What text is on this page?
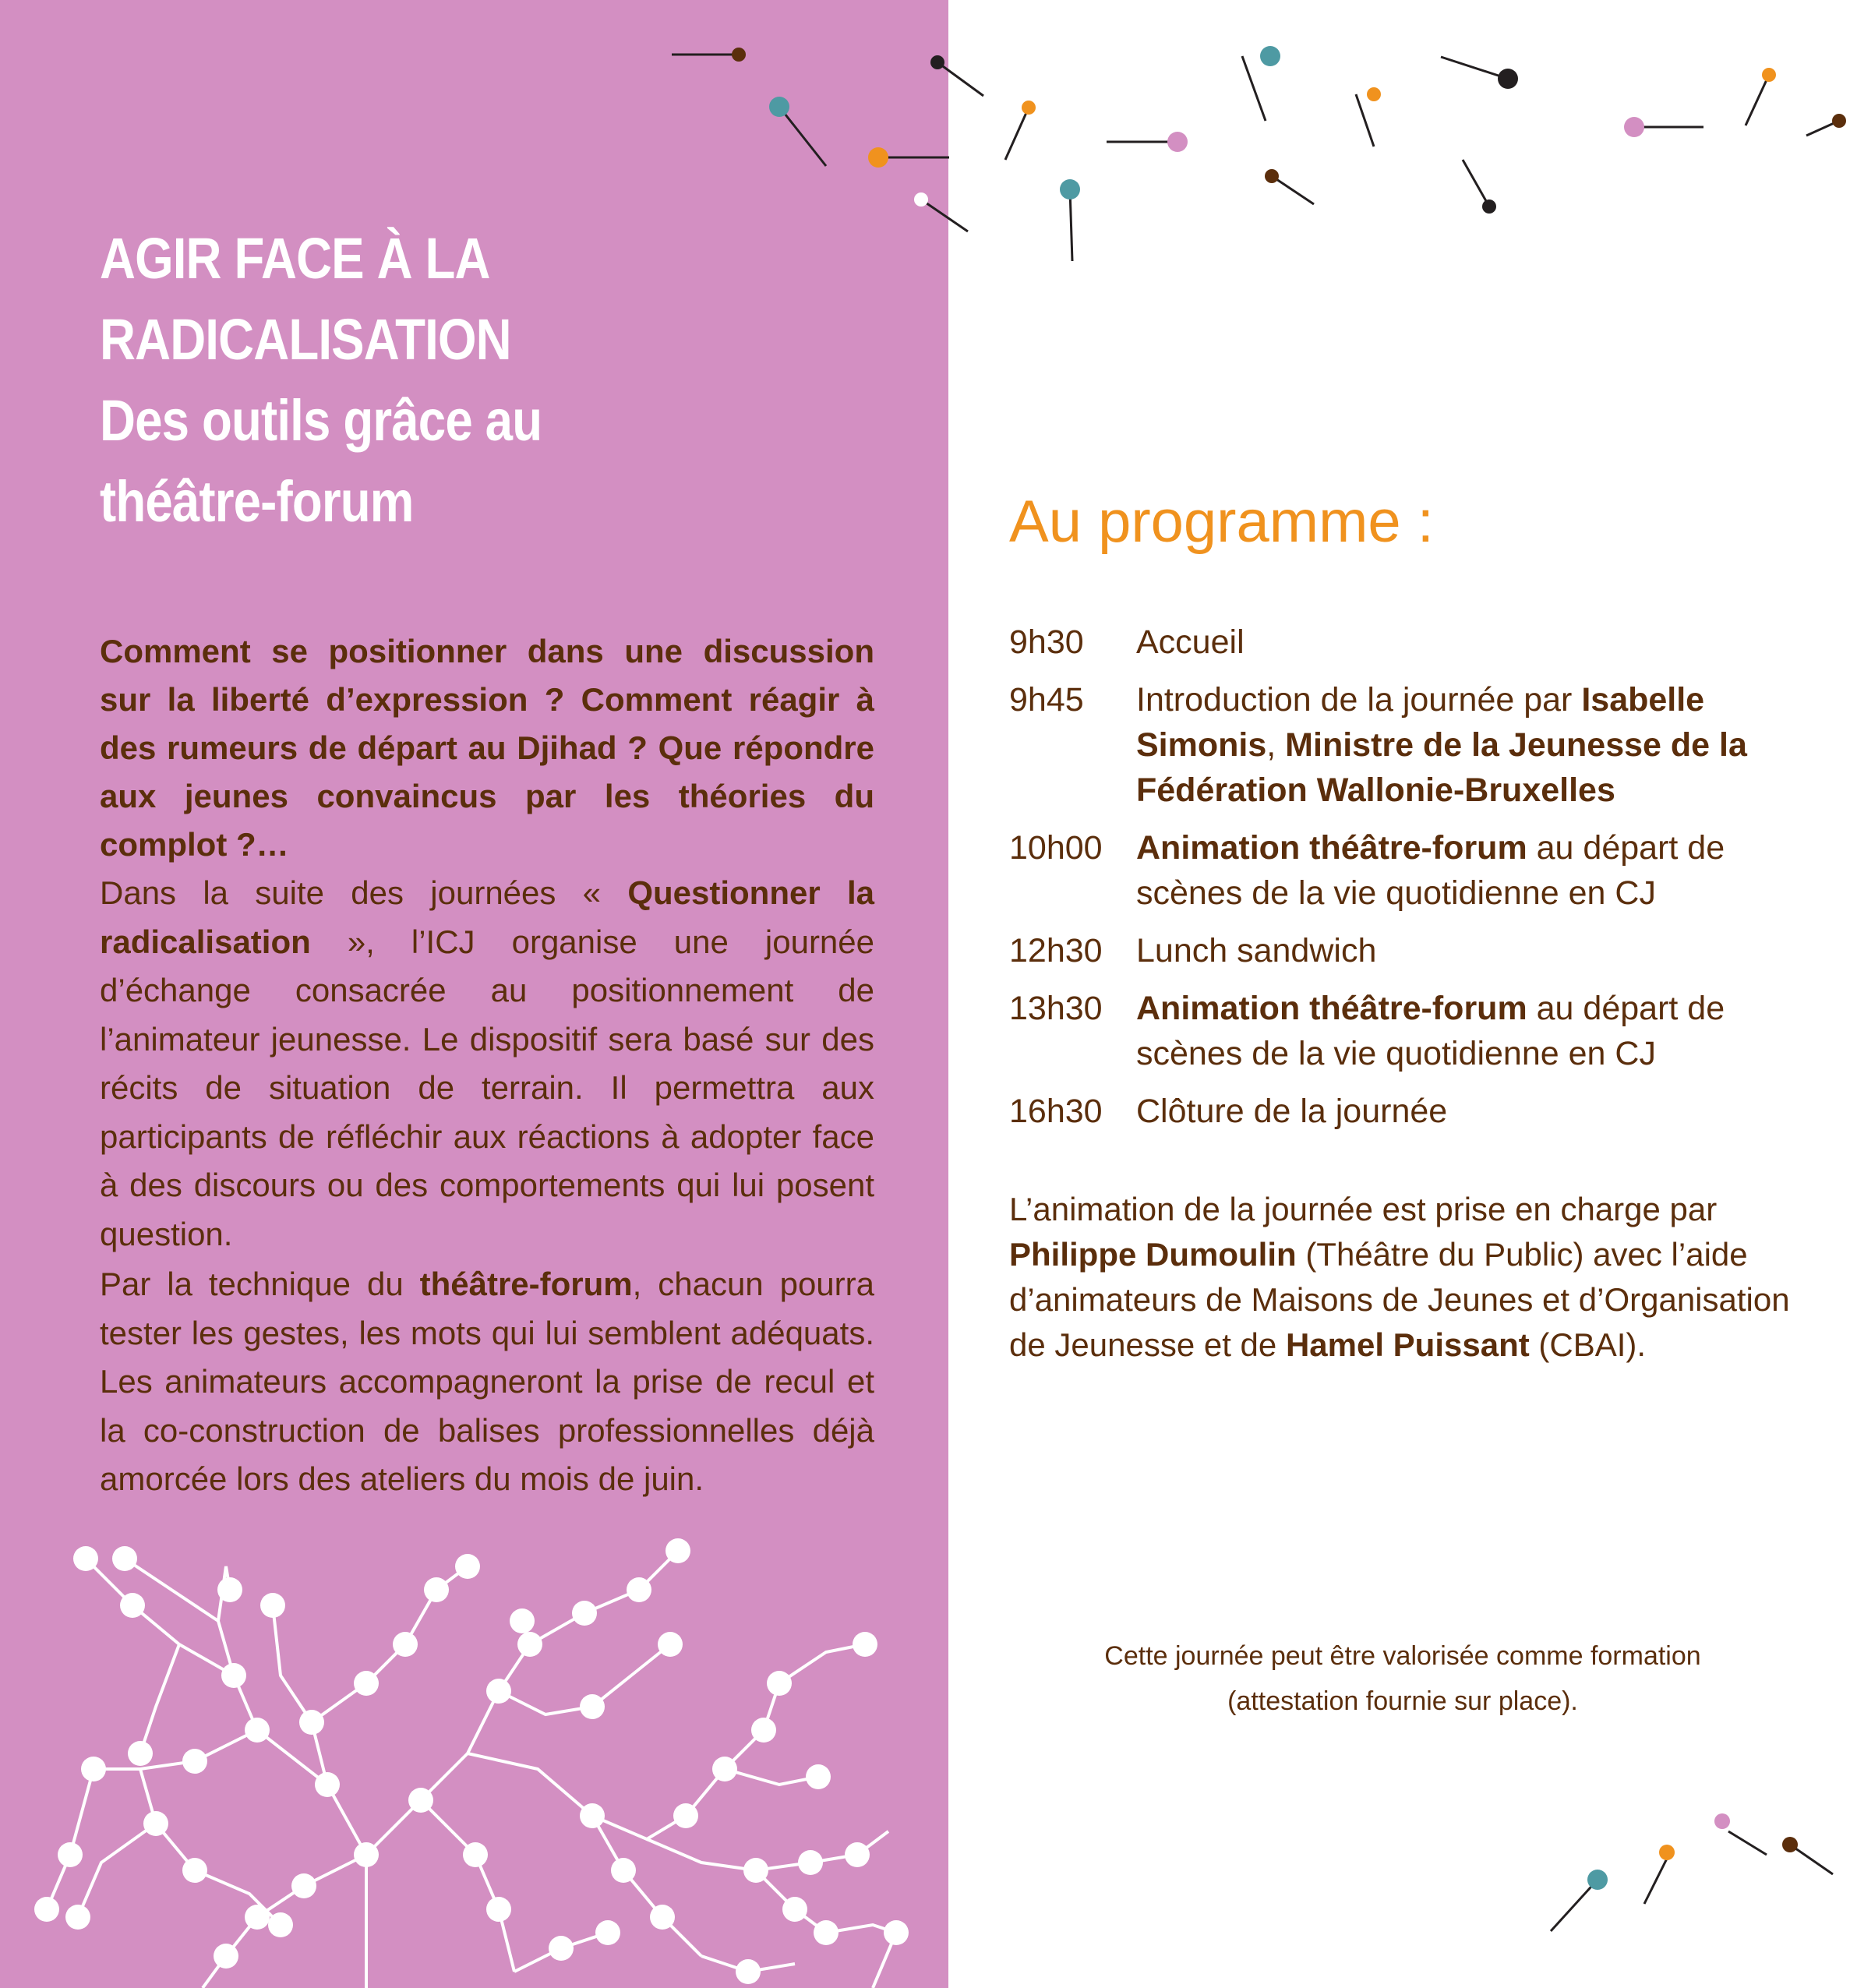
AGIR FACE À LA
RADICALISATION
Des outils grâce au
théâtre-forum
Comment se positionner dans une discussion sur la liberté d’expression ? Comment réagir à des rumeurs de départ au Djihad ? Que répondre aux jeunes convaincus par les théories du complot ?…
Dans la suite des journées « Questionner la radicalisation », l’ICJ organise une journée d’échange consacrée au positionnement de l’animateur jeunesse. Le dispositif sera basé sur des récits de situation de terrain. Il permettra aux participants de réfléchir aux réactions à adopter face à des discours ou des comportements qui lui posent question.
Par la technique du théâtre-forum, chacun pourra tester les gestes, les mots qui lui semblent adéquats. Les animateurs accompagneront la prise de recul et la co-construction de balises professionnelles déjà amorcée lors des ateliers du mois de juin.
Au programme :
9h30	Accueil
9h45	Introduction de la journée par Isabelle Simonis, Ministre de la Jeunesse de la Fédération Wallonie-Bruxelles
10h00	Animation théâtre-forum au départ de scènes de la vie quotidienne en CJ
12h30	Lunch sandwich
13h30	Animation théâtre-forum au départ de scènes de la vie quotidienne en CJ
16h30	Clôture de la journée
L’animation de la journée est prise en charge par Philippe Dumoulin (Théâtre du Public) avec l’aide d’animateurs de Maisons de Jeunes et d’Organisation de Jeunesse et de Hamel Puissant (CBAI).
Cette journée peut être valorisée comme formation
(attestation fournie sur place).
